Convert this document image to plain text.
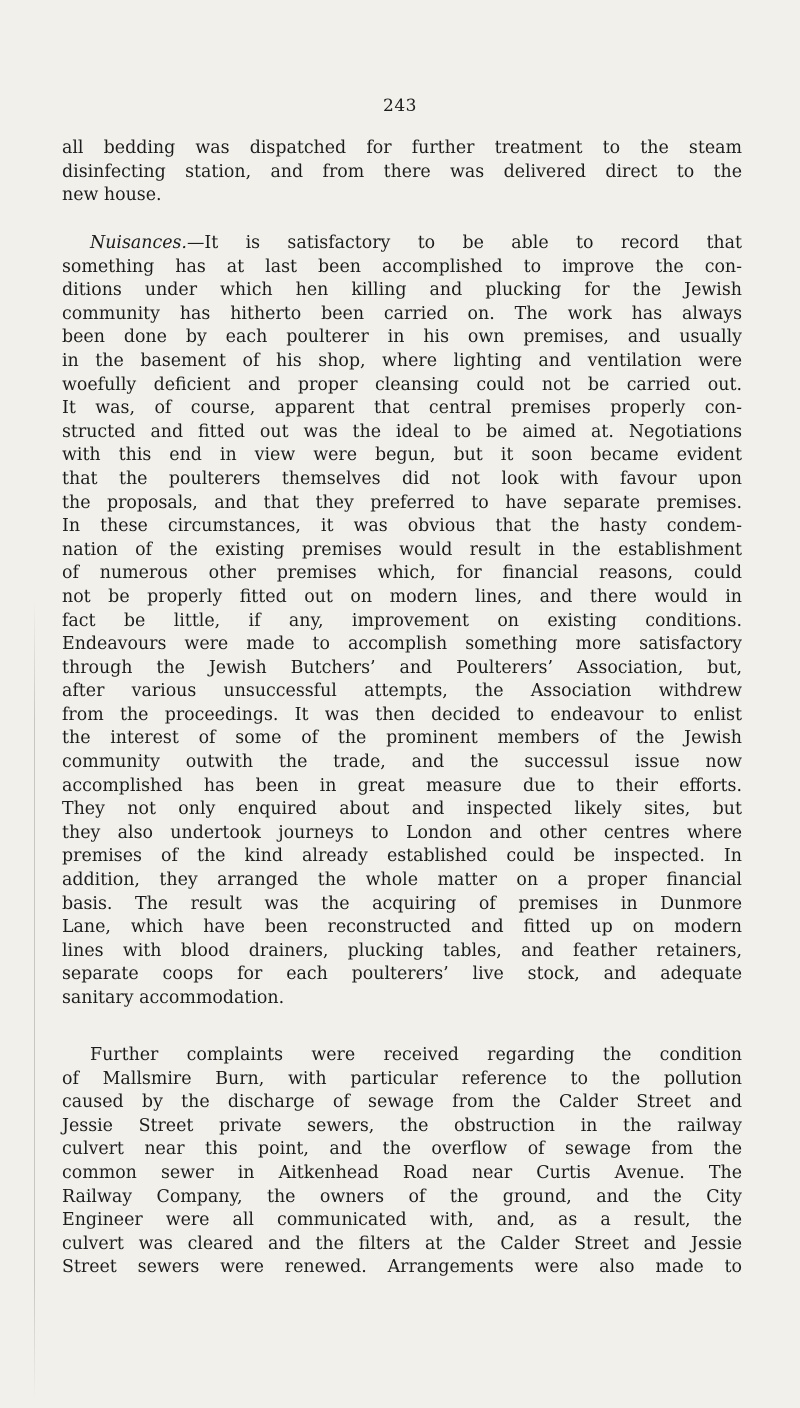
243
all bedding was dispatched for further treatment to the steam
disinfecting station, and from there was delivered direct to the
new house.
Nuisances.—It is satisfactory to be able to record that
something has at last been accomplished to improve the con-
ditions under which hen killing and plucking for the Jewish
community has hitherto been carried on. The work has always
been done by each poulterer in his own premises, and usually
in the basement of his shop, where lighting and ventilation were
woefully deficient and proper cleansing could not be carried out.
It was, of course, apparent that central premises properly con-
structed and fitted out was the ideal to be aimed at. Negotiations
with this end in view were begun, but it soon became evident
that the poulterers themselves did not look with favour upon
the proposals, and that they preferred to have separate premises.
In these circumstances, it was obvious that the hasty condem-
nation of the existing premises would result in the establishment
of numerous other premises which, for financial reasons, could
not be properly fitted out on modern lines, and there would in
fact be little, if any, improvement on existing conditions.
Endeavours were made to accomplish something more satisfactory
through the Jewish Butchers’ and Poulterers’ Association, but,
after various unsuccessful attempts, the Association withdrew
from the proceedings. It was then decided to endeavour to enlist
the interest of some of the prominent members of the Jewish
community outwith the trade, and the successul issue now
accomplished has been in great measure due to their efforts.
They not only enquired about and inspected likely sites, but
they also undertook journeys to London and other centres where
premises of the kind already established could be inspected. In
addition, they arranged the whole matter on a proper financial
basis. The result was the acquiring of premises in Dunmore
Lane, which have been reconstructed and fitted up on modern
lines with blood drainers, plucking tables, and feather retainers,
separate coops for each poulterers’ live stock, and adequate
sanitary accommodation.
Further complaints were received regarding the condition
of Mallsmire Burn, with particular reference to the pollution
caused by the discharge of sewage from the Calder Street and
Jessie Street private sewers, the obstruction in the railway
culvert near this point, and the overflow of sewage from the
common sewer in Aitkenhead Road near Curtis Avenue. The
Railway Company, the owners of the ground, and the City
Engineer were all communicated with, and, as a result, the
culvert was cleared and the filters at the Calder Street and Jessie
Street sewers were renewed. Arrangements were also made to
